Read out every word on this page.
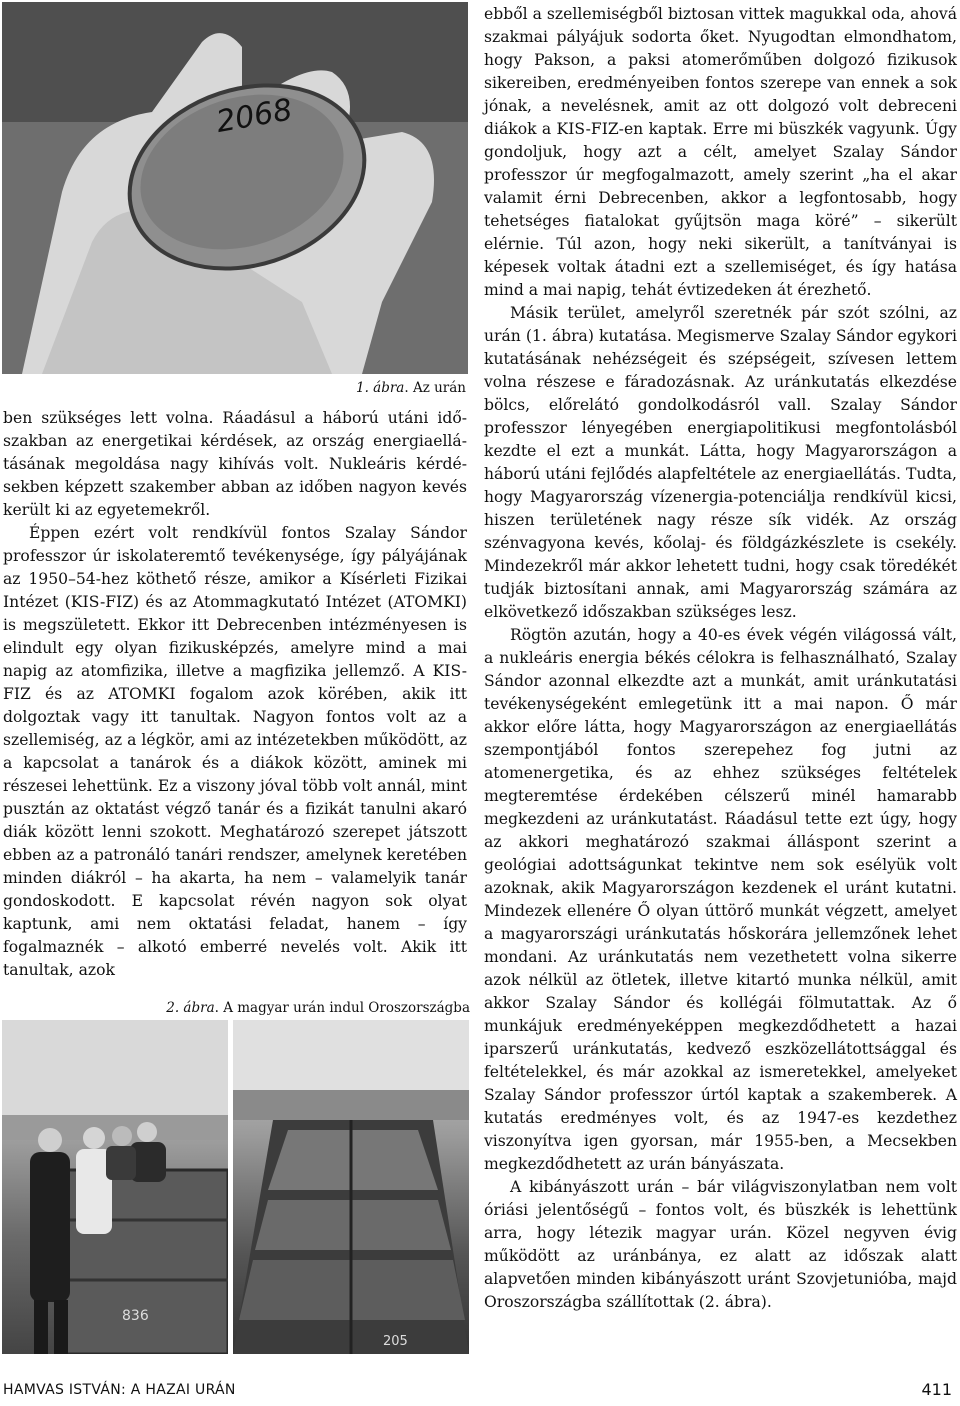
2068
1. ábra. Az urán

ben szükséges lett volna. Ráadásul a háború utáni időszakban az energetikai kérdések, az ország energiaellátásának megoldása nagy kihívás volt. Nukleáris kérdésekben képzett szakember abban az időben nagyon kevés került ki az egyetemekről.

Éppen ezért volt rendkívül fontos Szalay Sándor professzor úr iskolateremtő tevékenysége, így pályájának az 1950–54-hez köthető része, amikor a Kísérleti Fizikai Intézet (KIS-FIZ) és az Atommagkutató Intézet (ATOMKI) is megszületett. Ekkor itt Debrecenben intézményesen is elindult egy olyan fizikusképzés, amelyre mind a mai napig az atomfizika, illetve a magfizika jellemző. A KIS-FIZ és az ATOMKI fogalom azok körében, akik itt dolgoztak vagy itt tanultak. Nagyon fontos volt az a szellemiség, az a légkör, ami az intézetekben működött, az a kapcsolat a tanárok és a diákok között, aminek mi részesei lehettünk. Ez a viszony jóval több volt annál, mint pusztán az oktatást végző tanár és a fizikát tanulni akaró diák között lenni szokott. Meghatározó szerepet játszott ebben az a patronáló tanári rendszer, amelynek keretében minden diákról – ha akarta, ha nem – valamelyik tanár gondoskodott. E kapcsolat révén nagyon sok olyat kaptunk, ami nem oktatási feladat, hanem – így fogalmaznék – alkotó emberré nevelés volt. Akik itt tanultak, azok

2. ábra. A magyar urán indul Oroszországba
836
205

ebből a szellemiségből biztosan vittek magukkal oda, ahová szakmai pályájuk sodorta őket. Nyugodtan elmondhatom, hogy Pakson, a paksi atomerőműben dolgozó fizikusok sikereiben, eredményeiben fontos szerepe van ennek a sok jónak, a nevelésnek, amit az ott dolgozó volt debreceni diákok a KIS-FIZ-en kaptak. Erre mi büszkék vagyunk. Úgy gondoljuk, hogy azt a célt, amelyet Szalay Sándor professzor úr megfogalmazott, amely szerint „ha el akar valamit érni Debrecenben, akkor a legfontosabb, hogy tehetséges fiatalokat gyűjtsön maga köré” – sikerült elérnie. Túl azon, hogy neki sikerült, a tanítványai is képesek voltak átadni ezt a szellemiséget, és így hatása mind a mai napig, tehát évtizedeken át érezhető.

Másik terület, amelyről szeretnék pár szót szólni, az urán (1. ábra) kutatása. Megismerve Szalay Sándor egykori kutatásának nehézségeit és szépségeit, szívesen lettem volna részese e fáradozásnak. Az uránkutatás elkezdése bölcs, előrelátó gondolkodásról vall. Szalay Sándor professzor lényegében energiapolitikusi megfontolásból kezdte el ezt a munkát. Látta, hogy Magyarországon a háború utáni fejlődés alapfeltétele az energiaellátás. Tudta, hogy Magyarország vízenergia-potenciálja rendkívül kicsi, hiszen területének nagy része sík vidék. Az ország szénvagyona kevés, kőolaj- és földgázkészlete is csekély. Mindezekről már akkor lehetett tudni, hogy csak töredékét tudják biztosítani annak, ami Magyarország számára az elkövetkező időszakban szükséges lesz.

Rögtön azután, hogy a 40-es évek végén világossá vált, a nukleáris energia békés célokra is felhasználható, Szalay Sándor azonnal elkezdte azt a munkát, amit uránkutatási tevékenységeként emlegetünk itt a mai napon. Ő már akkor előre látta, hogy Magyarországon az energiaellátás szempontjából fontos szerepehez fog jutni az atomenergetika, és az ehhez szükséges feltételek megteremtése érdekében célszerű minél hamarabb megkezdeni az uránkutatást. Ráadásul tette ezt úgy, hogy az akkori meghatározó szakmai álláspont szerint a geológiai adottságunkat tekintve nem sok esélyük volt azoknak, akik Magyarországon kezdenek el uránt kutatni. Mindezek ellenére Ő olyan úttörő munkát végzett, amelyet a magyarországi uránkutatás hőskorára jellemzőnek lehet mondani. Az uránkutatás nem vezethetett volna sikerre azok nélkül az ötletek, illetve kitartó munka nélkül, amit akkor Szalay Sándor és kollégái fölmutattak. Az ő munkájuk eredményeképpen megkezdődhetett a hazai iparszerű uránkutatás, kedvező eszközellátottsággal és feltételekkel, és már azokkal az ismeretekkel, amelyeket Szalay Sándor professzor úrtól kaptak a szakemberek. A kutatás eredményes volt, és az 1947-es kezdethez viszonyítva igen gyorsan, már 1955-ben, a Mecsekben megkezdődhetett az urán bányászata.

A kibányászott urán – bár világviszonylatban nem volt óriási jelentőségű – fontos volt, és büszkék is lehettünk arra, hogy létezik magyar urán. Közel negyven évig működött az uránbánya, ez alatt az időszak alatt alapvetően minden kibányászott uránt Szovjetunióba, majd Oroszországba szállítottak (2. ábra).

HAMVAS ISTVÁN: A HAZAI URÁN	411
